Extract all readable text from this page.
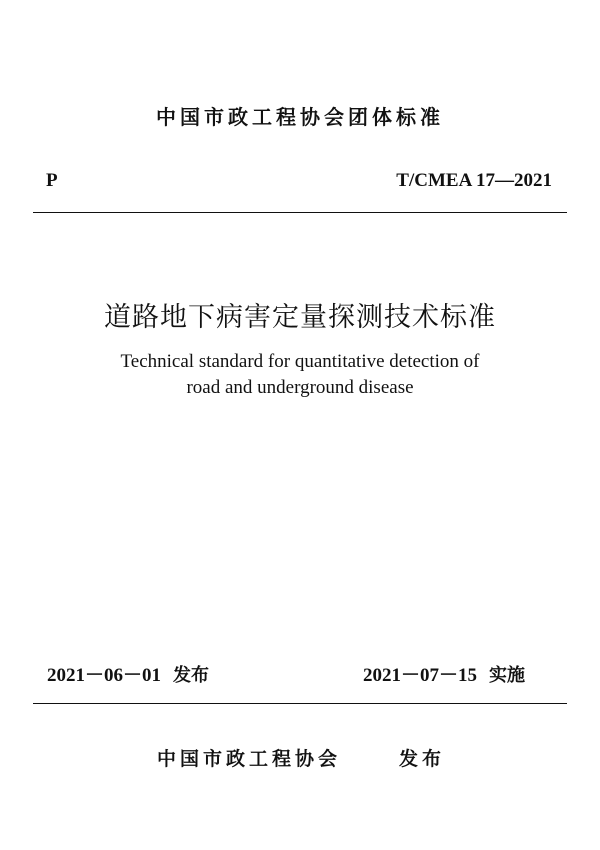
中国市政工程协会团体标准
P	T/CMEA 17—2021
道路地下病害定量探测技术标准
Technical standard for quantitative detection of
road and underground disease
2021－06－01 发布	2021－07－15 实施
中国市政工程协会	发布
